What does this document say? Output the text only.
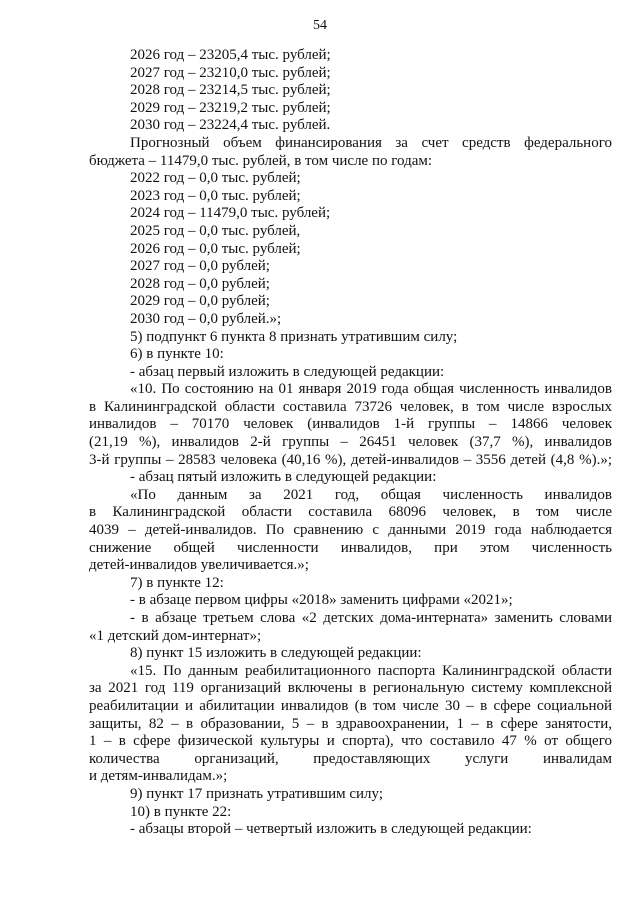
54
2026 год – 23205,4 тыс. рублей;
2027 год – 23210,0 тыс. рублей;
2028 год – 23214,5 тыс. рублей;
2029 год – 23219,2 тыс. рублей;
2030 год – 23224,4 тыс. рублей.
Прогнозный объем финансирования за счет средств федерального
бюджета – 11479,0 тыс. рублей, в том числе по годам:
2022 год – 0,0 тыс. рублей;
2023 год – 0,0 тыс. рублей;
2024 год – 11479,0 тыс. рублей;
2025 год – 0,0 тыс. рублей,
2026 год – 0,0 тыс. рублей;
2027 год – 0,0 рублей;
2028 год – 0,0 рублей;
2029 год – 0,0 рублей;
2030 год – 0,0 рублей.»;
5) подпункт 6 пункта 8 признать утратившим силу;
6) в пункте 10:
- абзац первый изложить в следующей редакции:
«10. По состоянию на 01 января 2019 года общая численность инвалидов
в Калининградской области составила 73726 человек, в том числе взрослых
инвалидов – 70170 человек (инвалидов 1-й группы – 14866 человек
(21,19 %), инвалидов 2-й группы – 26451 человек (37,7 %), инвалидов
3-й группы – 28583 человека (40,16 %), детей-инвалидов – 3556 детей (4,8 %).»;
- абзац пятый изложить в следующей редакции:
«По данным за 2021 год, общая численность инвалидов
в Калининградской области составила 68096 человек, в том числе
4039 – детей-инвалидов. По сравнению с данными 2019 года наблюдается
снижение общей численности инвалидов, при этом численность
детей-инвалидов увеличивается.»;
7) в пункте 12:
- в абзаце первом цифры «2018» заменить цифрами «2021»;
- в абзаце третьем слова «2 детских дома-интерната» заменить словами
«1 детский дом-интернат»;
8) пункт 15 изложить в следующей редакции:
«15. По данным реабилитационного паспорта Калининградской области
за 2021 год 119 организаций включены в региональную систему комплексной
реабилитации и абилитации инвалидов (в том числе 30 – в сфере социальной
защиты, 82 – в образовании, 5 – в здравоохранении, 1 – в сфере занятости,
1 – в сфере физической культуры и спорта), что составило 47 % от общего
количества организаций, предоставляющих услуги инвалидам
и детям-инвалидам.»;
9) пункт 17 признать утратившим силу;
10) в пункте 22:
- абзацы второй – четвертый изложить в следующей редакции:
